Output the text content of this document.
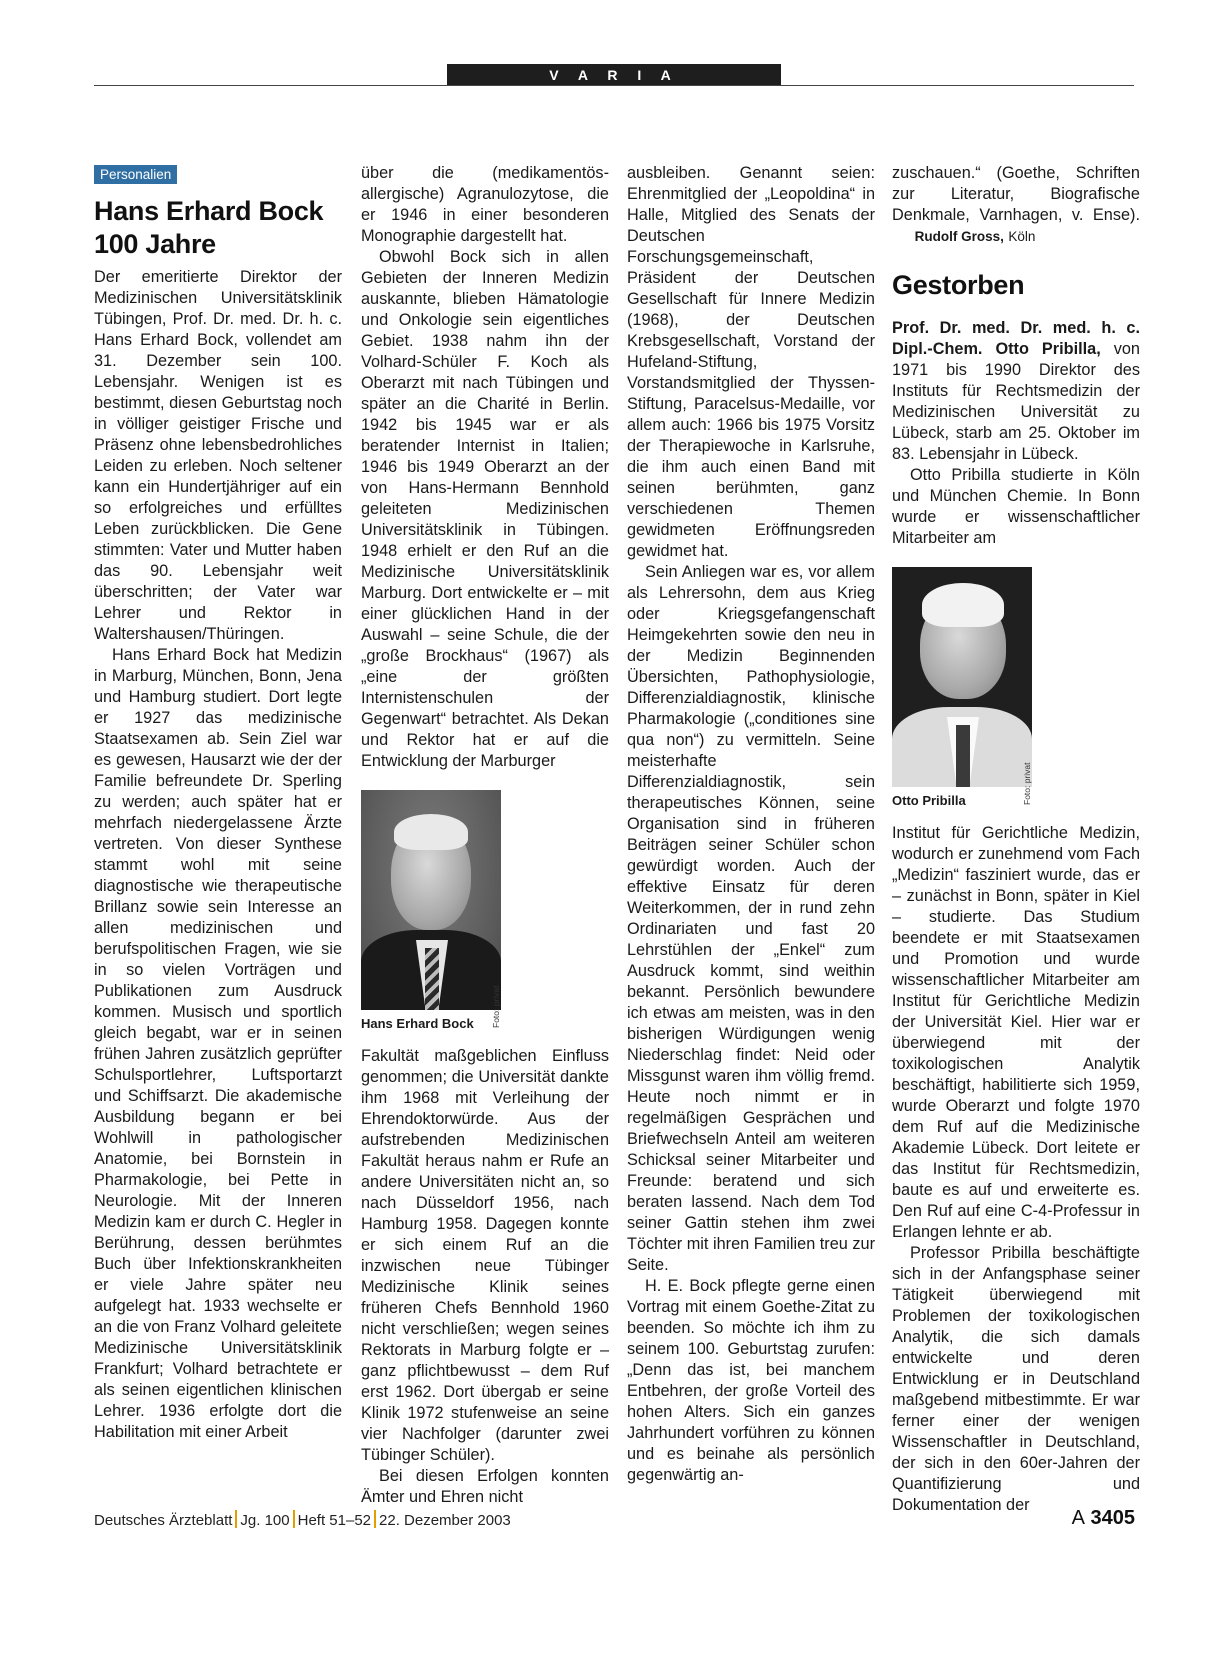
V A R I A
Personalien
Hans Erhard Bock
100 Jahre

Der emeritierte Direktor der Medizinischen Universitätsklinik Tübingen, Prof. Dr. med. Dr. h. c. Hans Erhard Bock, vollendet am 31. Dezember sein 100. Lebensjahr. Wenigen ist es bestimmt, diesen Geburtstag noch in völliger geistiger Frische und Präsenz ohne lebensbedrohliches Leiden zu erleben. Noch seltener kann ein Hundertjähriger auf ein so erfolgreiches und erfülltes Leben zurückblicken. Die Gene stimmten: Vater und Mutter haben das 90. Lebensjahr weit überschritten; der Vater war Lehrer und Rektor in Waltershausen/Thüringen.

Hans Erhard Bock hat Medizin in Marburg, München, Bonn, Jena und Hamburg studiert. Dort legte er 1927 das medizinische Staatsexamen ab. Sein Ziel war es gewesen, Hausarzt wie der der Familie befreundete Dr. Sperling zu werden; auch später hat er mehrfach niedergelassene Ärzte vertreten. Von dieser Synthese stammt wohl mit seine diagnostische wie therapeutische Brillanz sowie sein Interesse an allen medizinischen und berufspolitischen Fragen, wie sie in so vielen Vorträgen und Publikationen zum Ausdruck kommen. Musisch und sportlich gleich begabt, war er in seinen frühen Jahren zusätzlich geprüfter Schulsportlehrer, Luftsportarzt und Schiffsarzt. Die akademische Ausbildung begann er bei Wohlwill in pathologischer Anatomie, bei Bornstein in Pharmakologie, bei Pette in Neurologie. Mit der Inneren Medizin kam er durch C. Hegler in Berührung, dessen berühmtes Buch über Infektionskrankheiten er viele Jahre später neu aufgelegt hat. 1933 wechselte er an die von Franz Volhard geleitete Medizinische Universitätsklinik Frankfurt; Volhard betrachtete er als seinen eigentlichen klinischen Lehrer. 1936 erfolgte dort die Habilitation mit einer Arbeit

über die (medikamentös-allergische) Agranulozytose, die er 1946 in einer besonderen Monographie dargestellt hat.

Obwohl Bock sich in allen Gebieten der Inneren Medizin auskannte, blieben Hämatologie und Onkologie sein eigentliches Gebiet. 1938 nahm ihn der Volhard-Schüler F. Koch als Oberarzt mit nach Tübingen und später an die Charité in Berlin. 1942 bis 1945 war er als beratender Internist in Italien; 1946 bis 1949 Oberarzt an der von Hans-Hermann Bennhold geleiteten Medizinischen Universitätsklinik in Tübingen. 1948 erhielt er den Ruf an die Medizinische Universitätsklinik Marburg. Dort entwickelte er – mit einer glücklichen Hand in der Auswahl – seine Schule, die der „große Brockhaus“ (1967) als „eine der größten Internistenschulen der Gegenwart“ betrachtet. Als Dekan und Rektor hat er auf die Entwicklung der Marburger

Hans Erhard Bock

Fakultät maßgeblichen Einfluss genommen; die Universität dankte ihm 1968 mit Verleihung der Ehrendoktorwürde. Aus der aufstrebenden Medizinischen Fakultät heraus nahm er Rufe an andere Universitäten nicht an, so nach Düsseldorf 1956, nach Hamburg 1958. Dagegen konnte er sich einem Ruf an die inzwischen neue Tübinger Medizinische Klinik seines früheren Chefs Bennhold 1960 nicht verschließen; wegen seines Rektorats in Marburg folgte er – ganz pflichtbewusst – dem Ruf erst 1962. Dort übergab er seine Klinik 1972 stufenweise an seine vier Nachfolger (darunter zwei Tübinger Schüler).

Bei diesen Erfolgen konnten Ämter und Ehren nicht

ausbleiben. Genannt seien: Ehrenmitglied der „Leopoldina“ in Halle, Mitglied des Senats der Deutschen Forschungsgemeinschaft, Präsident der Deutschen Gesellschaft für Innere Medizin (1968), der Deutschen Krebsgesellschaft, Vorstand der Hufeland-Stiftung, Vorstandsmitglied der Thyssen-Stiftung, Paracelsus-Medaille, vor allem auch: 1966 bis 1975 Vorsitz der Therapiewoche in Karlsruhe, die ihm auch einen Band mit seinen berühmten, ganz verschiedenen Themen gewidmeten Eröffnungsreden gewidmet hat.

Sein Anliegen war es, vor allem als Lehrersohn, dem aus Krieg oder Kriegsgefangenschaft Heimgekehrten sowie den neu in der Medizin Beginnenden Übersichten, Pathophysiologie, Differenzialdiagnostik, klinische Pharmakologie („conditiones sine qua non“) zu vermitteln. Seine meisterhafte Differenzialdiagnostik, sein therapeutisches Können, seine Organisation sind in früheren Beiträgen seiner Schüler schon gewürdigt worden. Auch der effektive Einsatz für deren Weiterkommen, der in rund zehn Ordinariaten und fast 20 Lehrstühlen der „Enkel“ zum Ausdruck kommt, sind weithin bekannt. Persönlich bewundere ich etwas am meisten, was in den bisherigen Würdigungen wenig Niederschlag findet: Neid oder Missgunst waren ihm völlig fremd. Heute noch nimmt er in regelmäßigen Gesprächen und Briefwechseln Anteil am weiteren Schicksal seiner Mitarbeiter und Freunde: beratend und sich beraten lassend. Nach dem Tod seiner Gattin stehen ihm zwei Töchter mit ihren Familien treu zur Seite.

H. E. Bock pflegte gerne einen Vortrag mit einem Goethe-Zitat zu beenden. So möchte ich ihm zu seinem 100. Geburtstag zurufen: „Denn das ist, bei manchem Entbehren, der große Vorteil des hohen Alters. Sich ein ganzes Jahrhundert vorführen zu können und es beinahe als persönlich gegenwärtig an-

zuschauen.“ (Goethe, Schriften zur Literatur, Biografische Denkmale, Varnhagen, v. Ense).      Rudolf Gross, Köln

Gestorben

Prof. Dr. med. Dr. med. h. c. Dipl.-Chem. Otto Pribilla, von 1971 bis 1990 Direktor des Instituts für Rechtsmedizin der Medizinischen Universität zu Lübeck, starb am 25. Oktober im 83. Lebensjahr in Lübeck.

Otto Pribilla studierte in Köln und München Chemie. In Bonn wurde er wissenschaftlicher Mitarbeiter am

Otto Pribilla

Institut für Gerichtliche Medizin, wodurch er zunehmend vom Fach „Medizin“ fasziniert wurde, das er – zunächst in Bonn, später in Kiel – studierte. Das Studium beendete er mit Staatsexamen und Promotion und wurde wissenschaftlicher Mitarbeiter am Institut für Gerichtliche Medizin der Universität Kiel. Hier war er überwiegend mit der toxikologischen Analytik beschäftigt, habilitierte sich 1959, wurde Oberarzt und folgte 1970 dem Ruf auf die Medizinische Akademie Lübeck. Dort leitete er das Institut für Rechtsmedizin, baute es auf und erweiterte es. Den Ruf auf eine C-4-Professur in Erlangen lehnte er ab.

Professor Pribilla beschäftigte sich in der Anfangsphase seiner Tätigkeit überwiegend mit Problemen der toxikologischen Analytik, die sich damals entwickelte und deren Entwicklung er in Deutschland maßgebend mitbestimmte. Er war ferner einer der wenigen Wissenschaftler in Deutschland, der sich in den 60er-Jahren der Quantifizierung und Dokumentation der

Deutsches Ärzteblatt Jg. 100 Heft 51–52 22. Dezember 2003	A 3405
